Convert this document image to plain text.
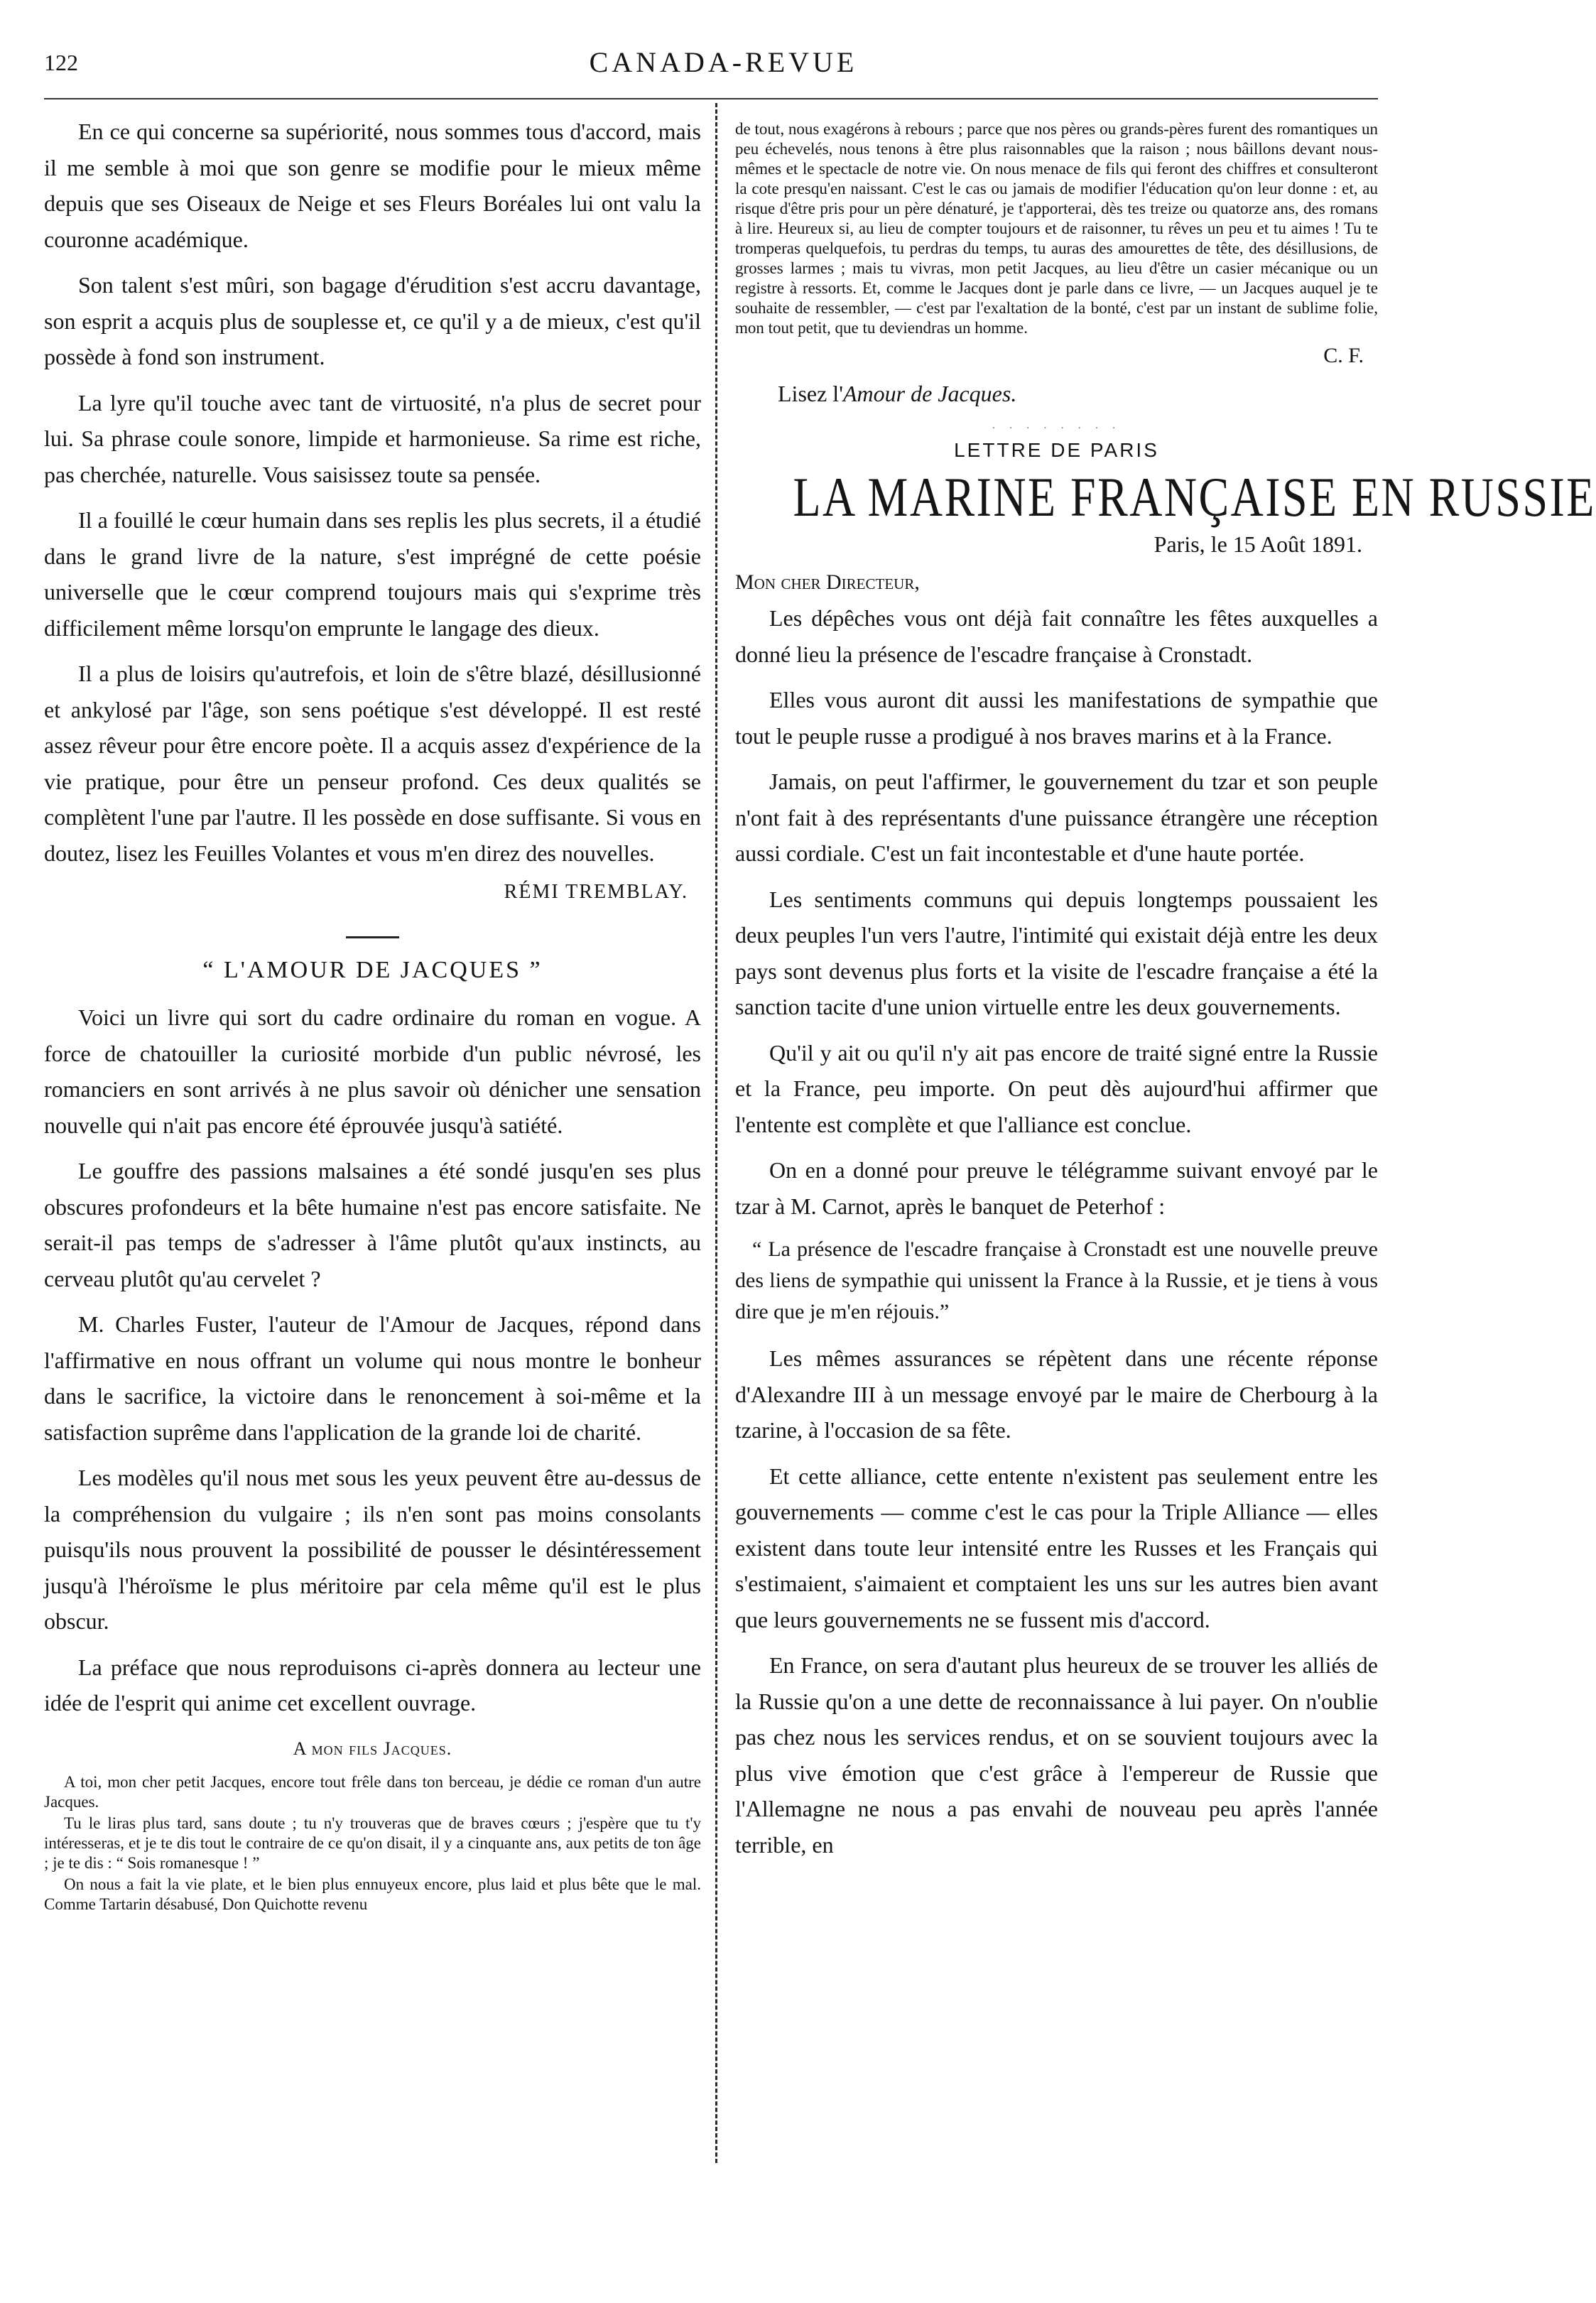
122	CANADA-REVUE

En ce qui concerne sa supériorité, nous sommes tous d'accord, mais il me semble à moi que son genre se modifie pour le mieux même depuis que ses Oiseaux de Neige et ses Fleurs Boréales lui ont valu la couronne académique.

Son talent s'est mûri, son bagage d'érudition s'est accru davantage, son esprit a acquis plus de souplesse et, ce qu'il y a de mieux, c'est qu'il possède à fond son instrument.

La lyre qu'il touche avec tant de virtuosité, n'a plus de secret pour lui. Sa phrase coule sonore, limpide et harmonieuse. Sa rime est riche, pas cherchée, naturelle. Vous saisissez toute sa pensée.

Il a fouillé le cœur humain dans ses replis les plus secrets, il a étudié dans le grand livre de la nature, s'est imprégné de cette poésie universelle que le cœur comprend toujours mais qui s'exprime très difficilement même lorsqu'on emprunte le langage des dieux.

Il a plus de loisirs qu'autrefois, et loin de s'être blazé, désillusionné et ankylosé par l'âge, son sens poétique s'est développé. Il est resté assez rêveur pour être encore poète. Il a acquis assez d'expérience de la vie pratique, pour être un penseur profond. Ces deux qualités se complètent l'une par l'autre. Il les possède en dose suffisante. Si vous en doutez, lisez les Feuilles Volantes et vous m'en direz des nouvelles.

RÉMI TREMBLAY.
“ L'AMOUR DE JACQUES ”

Voici un livre qui sort du cadre ordinaire du roman en vogue. A force de chatouiller la curiosité morbide d'un public névrosé, les romanciers en sont arrivés à ne plus savoir où dénicher une sensation nouvelle qui n'ait pas encore été éprouvée jusqu'à satiété.

Le gouffre des passions malsaines a été sondé jusqu'en ses plus obscures profondeurs et la bête humaine n'est pas encore satisfaite. Ne serait-il pas temps de s'adresser à l'âme plutôt qu'aux instincts, au cerveau plutôt qu'au cervelet ?

M. Charles Fuster, l'auteur de l'Amour de Jacques, répond dans l'affirmative en nous offrant un volume qui nous montre le bonheur dans le sacrifice, la victoire dans le renoncement à soi-même et la satisfaction suprême dans l'application de la grande loi de charité.

Les modèles qu'il nous met sous les yeux peuvent être au-dessus de la compréhension du vulgaire ; ils n'en sont pas moins consolants puisqu'ils nous prouvent la possibilité de pousser le désintéressement jusqu'à l'héroïsme le plus méritoire par cela même qu'il est le plus obscur.

La préface que nous reproduisons ci-après donnera au lecteur une idée de l'esprit qui anime cet excellent ouvrage.

A mon fils Jacques.

A toi, mon cher petit Jacques, encore tout frêle dans ton berceau, je dédie ce roman d'un autre Jacques.

Tu le liras plus tard, sans doute ; tu n'y trouveras que de braves cœurs ; j'espère que tu t'y intéresseras, et je te dis tout le contraire de ce qu'on disait, il y a cinquante ans, aux petits de ton âge ; je te dis : “ Sois romanesque ! ”

On nous a fait la vie plate, et le bien plus ennuyeux encore, plus laid et plus bête que le mal. Comme Tartarin désabusé, Don Quichotte revenu

de tout, nous exagérons à rebours ; parce que nos pères ou grands-pères furent des romantiques un peu échevelés, nous tenons à être plus raisonnables que la raison ; nous bâillons devant nous-mêmes et le spectacle de notre vie. On nous menace de fils qui feront des chiffres et consulteront la cote presqu'en naissant. C'est le cas ou jamais de modifier l'éducation qu'on leur donne : et, au risque d'être pris pour un père dénaturé, je t'apporterai, dès tes treize ou quatorze ans, des romans à lire. Heureux si, au lieu de compter toujours et de raisonner, tu rêves un peu et tu aimes ! Tu te tromperas quelquefois, tu perdras du temps, tu auras des amourettes de tête, des désillusions, de grosses larmes ; mais tu vivras, mon petit Jacques, au lieu d'être un casier mécanique ou un registre à ressorts. Et, comme le Jacques dont je parle dans ce livre, — un Jacques auquel je te souhaite de ressembler, — c'est par l'exaltation de la bonté, c'est par un instant de sublime folie, mon tout petit, que tu deviendras un homme.

C. F.
Lisez l'Amour de Jacques.
· · · · · · · ·
LETTRE DE PARIS
LA MARINE FRANÇAISE EN RUSSIE
Paris, le 15 Août 1891.
Mon cher Directeur,

Les dépêches vous ont déjà fait connaître les fêtes auxquelles a donné lieu la présence de l'escadre française à Cronstadt.

Elles vous auront dit aussi les manifestations de sympathie que tout le peuple russe a prodigué à nos braves marins et à la France.

Jamais, on peut l'affirmer, le gouvernement du tzar et son peuple n'ont fait à des représentants d'une puissance étrangère une réception aussi cordiale. C'est un fait incontestable et d'une haute portée.

Les sentiments communs qui depuis longtemps poussaient les deux peuples l'un vers l'autre, l'intimité qui existait déjà entre les deux pays sont devenus plus forts et la visite de l'escadre française a été la sanction tacite d'une union virtuelle entre les deux gouvernements.

Qu'il y ait ou qu'il n'y ait pas encore de traité signé entre la Russie et la France, peu importe. On peut dès aujourd'hui affirmer que l'entente est complète et que l'alliance est conclue.

On en a donné pour preuve le télégramme suivant envoyé par le tzar à M. Carnot, après le banquet de Peterhof :

“ La présence de l'escadre française à Cronstadt est une nouvelle preuve des liens de sympathie qui unissent la France à la Russie, et je tiens à vous dire que je m'en réjouis.”

Les mêmes assurances se répètent dans une récente réponse d'Alexandre III à un message envoyé par le maire de Cherbourg à la tzarine, à l'occasion de sa fête.

Et cette alliance, cette entente n'existent pas seulement entre les gouvernements — comme c'est le cas pour la Triple Alliance — elles existent dans toute leur intensité entre les Russes et les Français qui s'estimaient, s'aimaient et comptaient les uns sur les autres bien avant que leurs gouvernements ne se fussent mis d'accord.

En France, on sera d'autant plus heureux de se trouver les alliés de la Russie qu'on a une dette de reconnaissance à lui payer. On n'oublie pas chez nous les services rendus, et on se souvient toujours avec la plus vive émotion que c'est grâce à l'empereur de Russie que l'Allemagne ne nous a pas envahi de nouveau peu après l'année terrible, en
